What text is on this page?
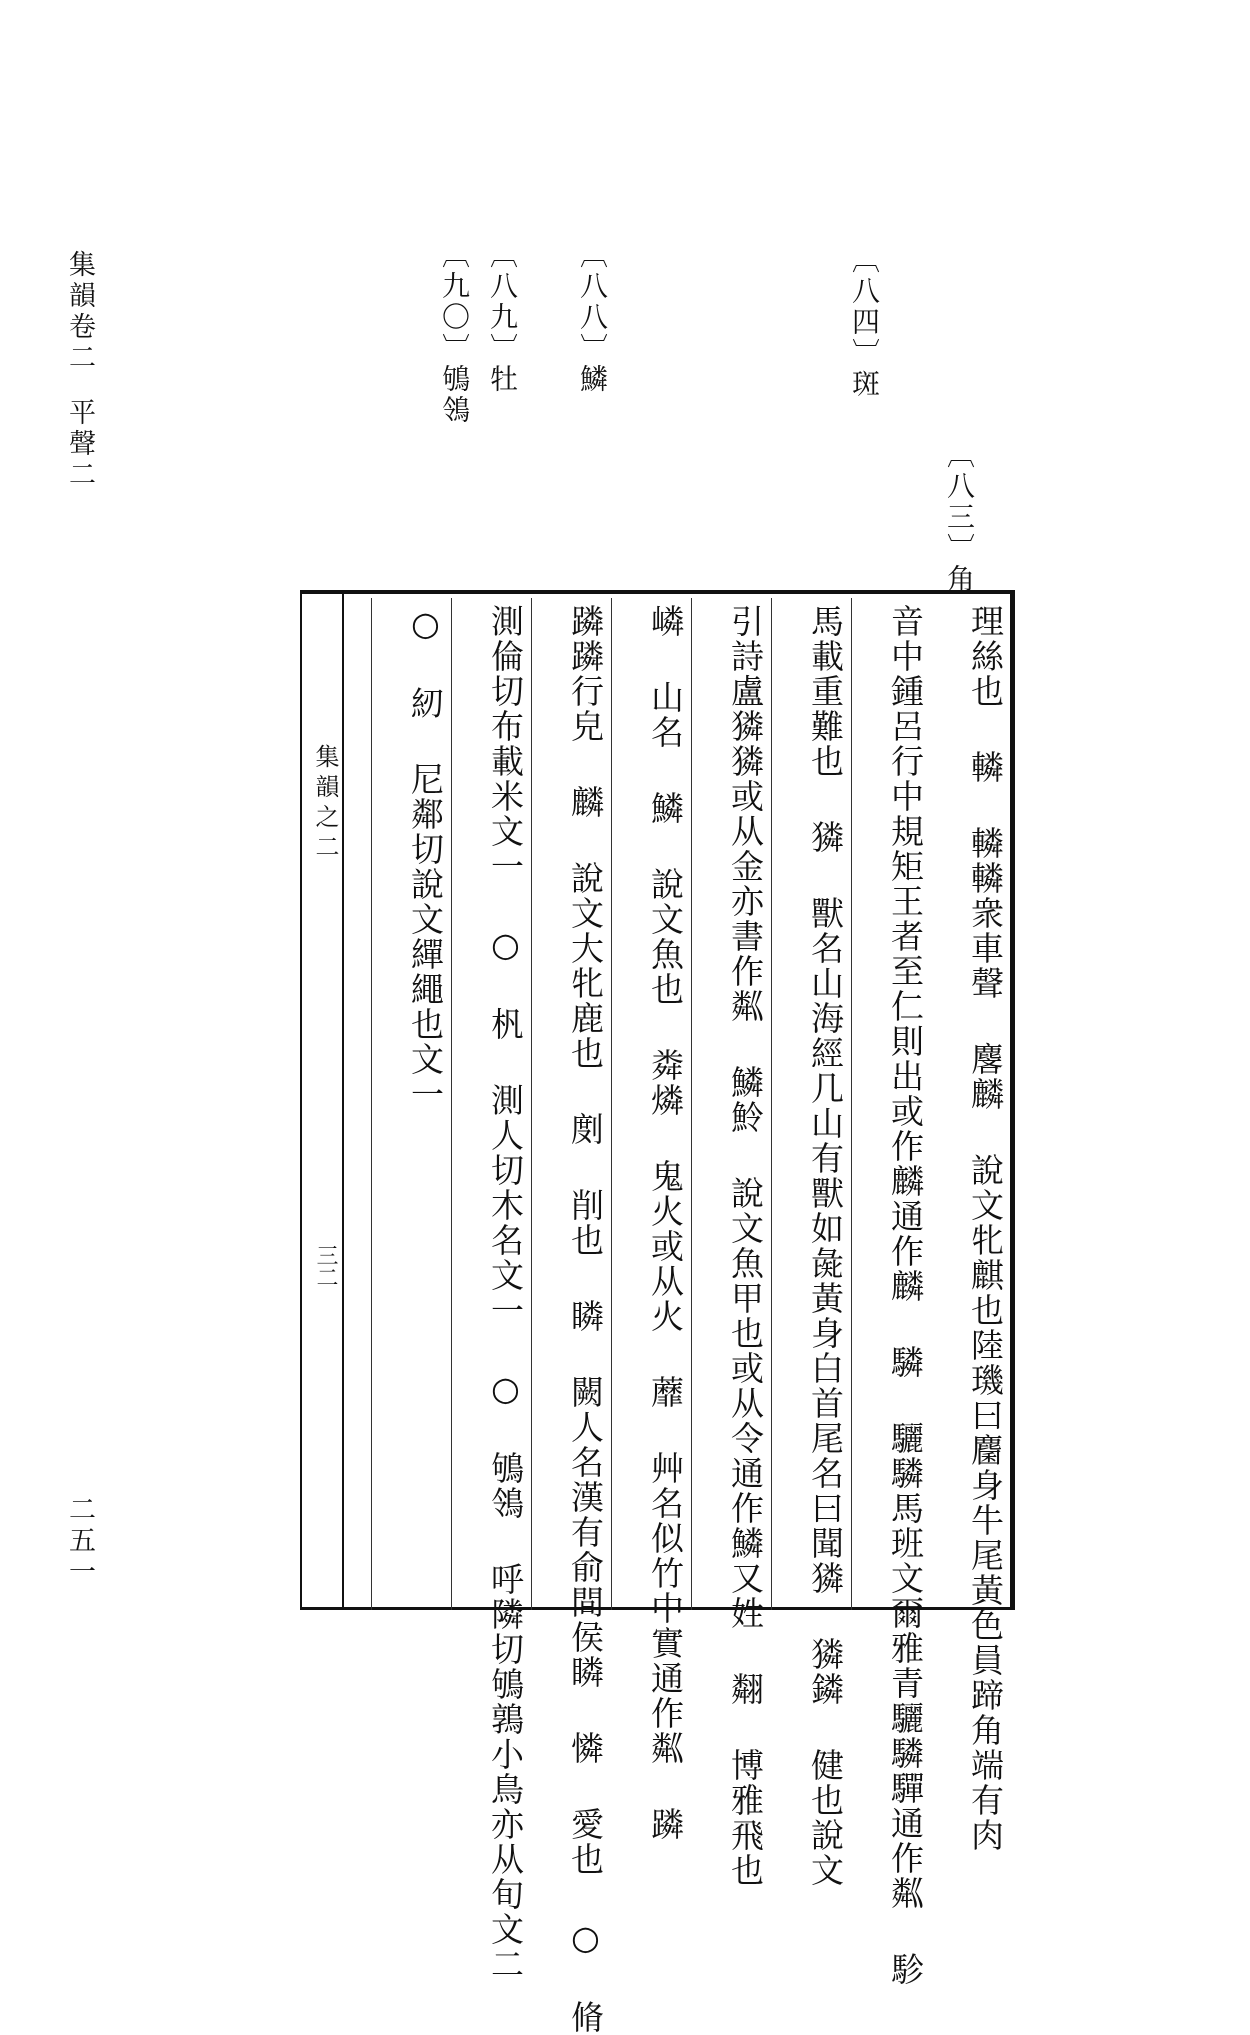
集韻卷二平聲二
二五一
〔八三〕角
〔八四〕斑
〔八八〕鱗
〔八九〕牡
〔九〇〕鴝鴒
集韻之二
三二	理絲也 轔 轔轔衆車聲 麐麟 說文牝麒也陸璣曰麕身牛尾黃色員蹄角端有肉
音中鍾呂行中規矩王者至仁則出或作麟通作麟 驎 驪驎馬班文爾雅青驪驎驒通作粼 駗
馬載重難也 獜 獸名山海經几山有獸如彘黃身白首尾名曰聞獜 獜鏻 健也說文
引詩盧獜獜或从金亦書作粼 鱗魿 說文魚甲也或从令通作鱗又姓 翷 博雅飛也
嶙 山名 鱗 說文魚也 粦燐 鬼火或从火 蘼 艸名似竹中實通作粼 蹸
蹸蹸行皃 麟 說文大牝鹿也 剫 削也 瞵 闕人名漢有俞間侯瞵 憐 愛也 ○ 脩
測倫切布載米文一 ○ 杋 測人切木名文一 ○ 鴝鴒 呼隣切鴝鶉小鳥亦从旬文二
○ 紉 尼鄰切說文繟繩也文一
